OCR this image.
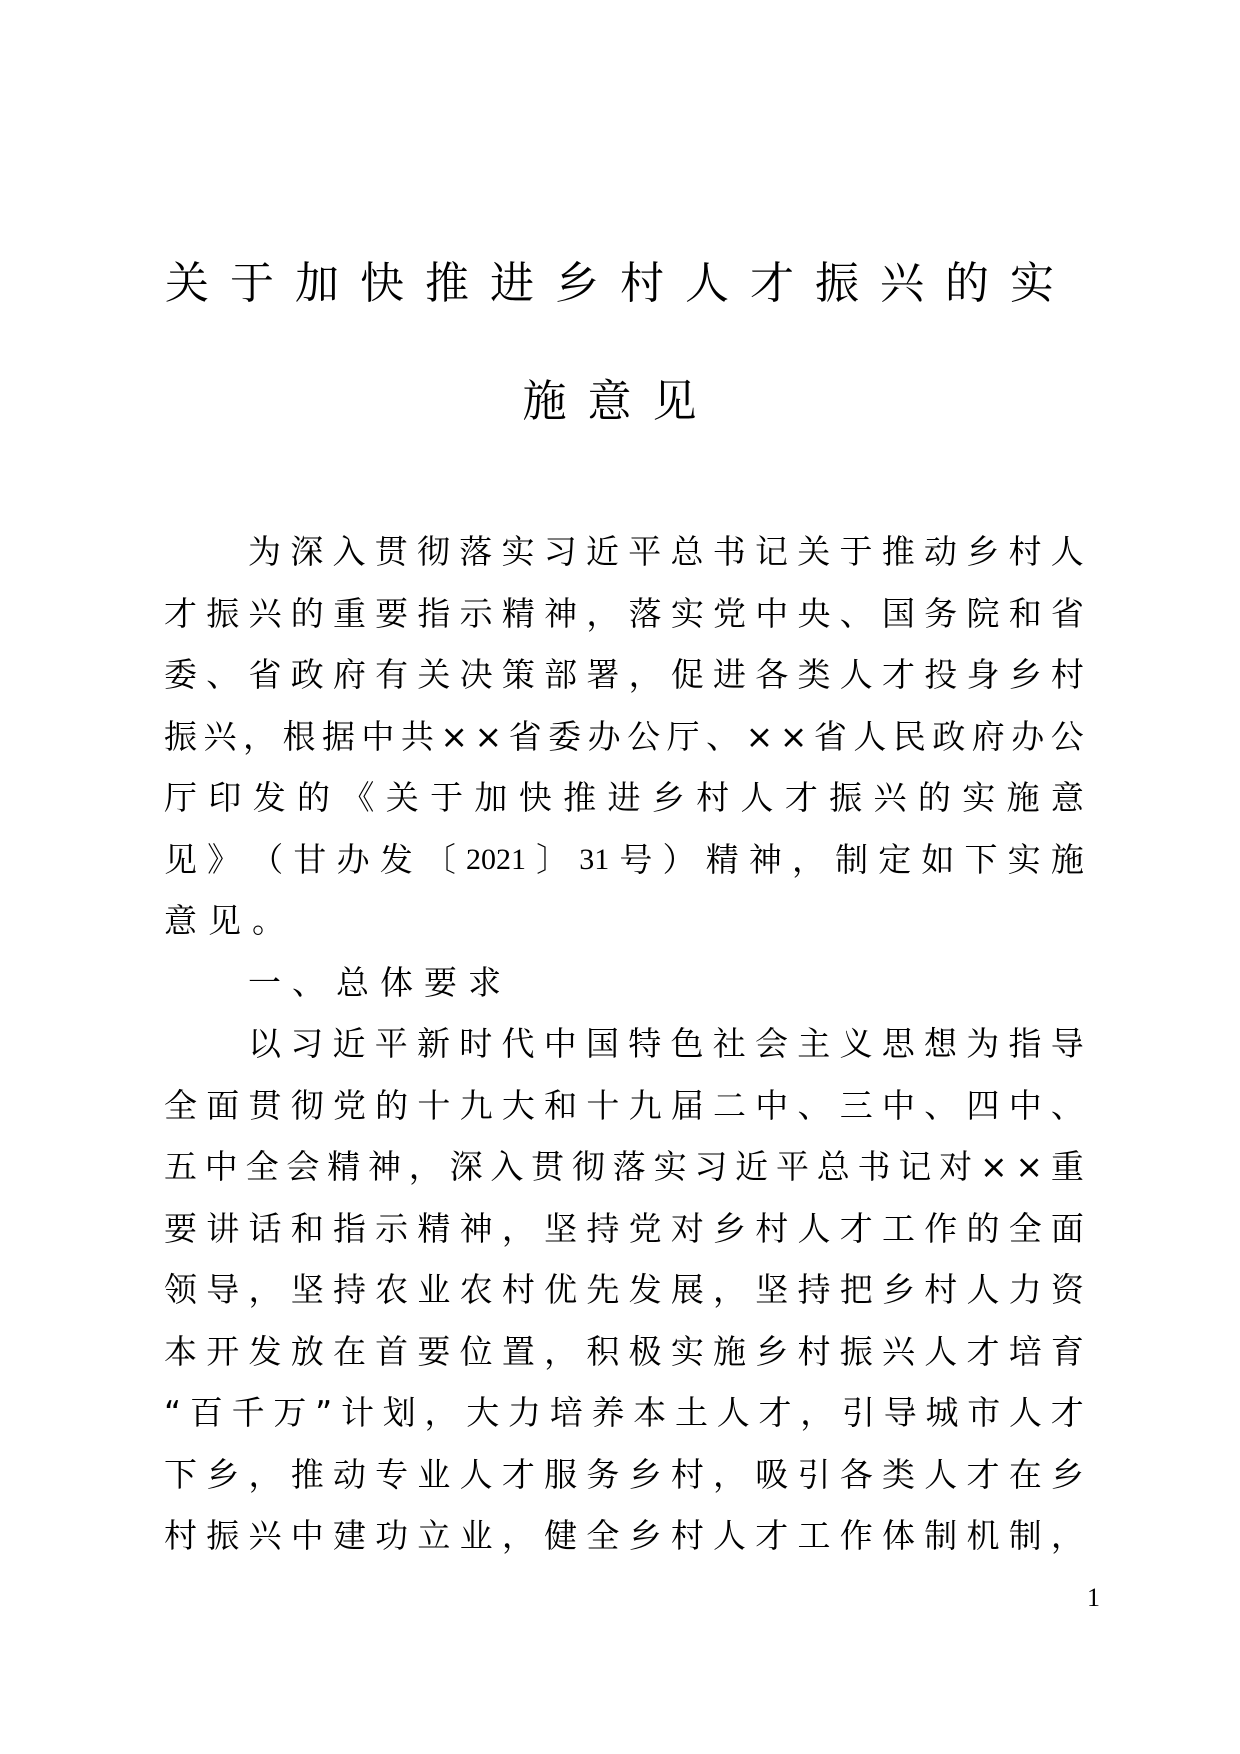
关于加快推进乡村人才振兴的实
施意见
为 深 入 贯 彻 落 实 习 近 平 总 书 记 关 于 推 动 乡 村 人
才 振 兴 的 重 要 指 示 精 神 ， 落 实 党 中 央 、 国 务 院 和 省
委 、 省 政 府 有 关 决 策 部 署 ， 促 进 各 类 人 才 投 身 乡 村
振 兴 ， 根 据 中 共 × × 省 委 办 公 厅 、 × × 省 人 民 政 府 办 公
厅 印 发 的 《 关 于 加 快 推 进 乡 村 人 才 振 兴 的 实 施 意
见 》 （ 甘 办 发 〔 2021 〕 31 号 ） 精 神 ， 制 定 如 下 实 施
意见。
一、总体要求
以 习 近 平 新 时 代 中 国 特 色 社 会 主 义 思 想 为 指 导
全 面 贯 彻 党 的 十 九 大 和 十 九 届 二 中 、 三 中 、 四 中 、
五 中 全 会 精 神 ， 深 入 贯 彻 落 实 习 近 平 总 书 记 对 × × 重
要 讲 话 和 指 示 精 神 ， 坚 持 党 对 乡 村 人 才 工 作 的 全 面
领 导 ， 坚 持 农 业 农 村 优 先 发 展 ， 坚 持 把 乡 村 人 力 资
本 开 发 放 在 首 要 位 置 ， 积 极 实 施 乡 村 振 兴 人 才 培 育
“ 百 千 万 ” 计 划 ， 大 力 培 养 本 土 人 才 ， 引 导 城 市 人 才
下 乡 ， 推 动 专 业 人 才 服 务 乡 村 ， 吸 引 各 类 人 才 在 乡
村 振 兴 中 建 功 立 业 ， 健 全 乡 村 人 才 工 作 体 制 机 制 ，
1
